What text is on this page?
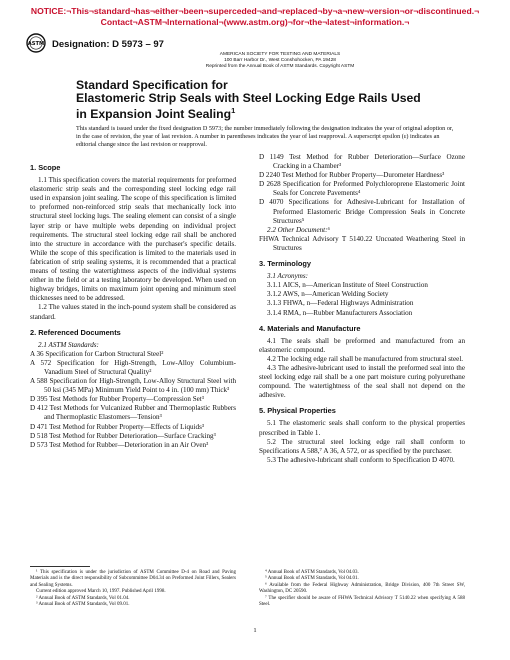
NOTICE:¬This¬standard¬has¬either¬been¬superceded¬and¬replaced¬by¬a¬new¬version¬or¬discontinued.¬
Contact¬ASTM¬International¬(www.astm.org)¬for¬the¬latest¬information.¬
ASTM Designation: D 5973 – 97
AMERICAN SOCIETY FOR TESTING AND MATERIALS
100 Barr Harbor Dr., West Conshohocken, PA 19428
Reprinted from the Annual Book of ASTM Standards. Copyright ASTM
Standard Specification for
Elastomeric Strip Seals with Steel Locking Edge Rails Used
in Expansion Joint Sealing$^1$
This standard is issued under the fixed designation D 5973; the number immediately following the designation indicates the year of original adoption or, in the case of revision, the year of last revision. A number in parentheses indicates the year of last reapproval. A superscript epsilon (ε) indicates an editorial change since the last revision or reapproval.
1. Scope

1.1 This specification covers the material requirements for preformed elastomeric strip seals and the corresponding steel locking edge rail used in expansion joint sealing. The scope of this specification is limited to preformed non-reinforced strip seals that mechanically lock into structural steel locking lugs. The sealing element can consist of a single layer strip or have multiple webs depending on individual project requirements. The structural steel locking edge rail shall be anchored into the structure in accordance with the purchaser's specific details. While the scope of this specification is limited to the materials used in fabrication of strip sealing systems, it is recommended that a practical means of testing the watertightness aspects of the individual systems either in the field or at a testing laboratory be developed. When used on highway bridges, limits on maximum joint opening and minimum steel thicknesses need to be addressed.

1.2 The values stated in the inch-pound system shall be considered as standard.

2. Referenced Documents
2.1 ASTM Standards:
A 36 Specification for Carbon Structural Steel²
A 572 Specification for High-Strength, Low-Alloy Columbium-Vanadium Steel of Structural Quality²
A 588 Specification for High-Strength, Low-Alloy Structural Steel with 50 ksi (345 MPa) Minimum Yield Point to 4 in. (100 mm) Thick³
D 395 Test Methods for Rubber Property—Compression Set³
D 412 Test Methods for Vulcanized Rubber and Thermoplastic Rubbers and Thermoplastic Elastomers—Tension³
D 471 Test Method for Rubber Property—Effects of Liquids³
D 518 Test Method for Rubber Deterioration—Surface Cracking³
D 573 Test Method for Rubber—Deterioration in an Air Oven³
D 1149 Test Method for Rubber Deterioration—Surface Ozone Cracking in a Chamber³
D 2240 Test Method for Rubber Property—Durometer Hardness³
D 2628 Specification for Preformed Polychloroprene Elastomeric Joint Seals for Concrete Pavements⁴
D 4070 Specifications for Adhesive-Lubricant for Installation of Preformed Elastomeric Bridge Compression Seals in Concrete Structures⁵
2.2 Other Document:⁶
FHWA Technical Advisory T 5140.22 Uncoated Weathering Steel in Structures
3. Terminology
3.1 Acronyms:
3.1.1 AICS, n—American Institute of Steel Construction
3.1.2 AWS, n—American Welding Society
3.1.3 FHWA, n—Federal Highways Administration
3.1.4 RMA, n—Rubber Manufacturers Association
4. Materials and Manufacture

4.1 The seals shall be preformed and manufactured from an elastomeric compound.

4.2 The locking edge rail shall be manufactured from structural steel.

4.3 The adhesive-lubricant used to install the preformed seal into the steel locking edge rail shall be a one part moisture curing polyurethane compound. The watertightness of the seal shall not depend on the adhesive.

5. Physical Properties

5.1 The elastomeric seals shall conform to the physical properties prescribed in Table 1.

5.2 The structural steel locking edge rail shall conform to Specifications A 588,⁷ A 36, A 572, or as specified by the purchaser.

5.3 The adhesive-lubricant shall conform to Specification D 4070.

¹ This specification is under the jurisdiction of ASTM Committee D-4 on Road and Paving Materials and is the direct responsibility of Subcommittee D04.34 on Preformed Joint Fillers, Sealers and Sealing Systems.
Current edition approved March 10, 1997. Published April 1998.
² Annual Book of ASTM Standards, Vol 01.04.
³ Annual Book of ASTM Standards, Vol 09.01.
⁴ Annual Book of ASTM Standards, Vol 04.03.
⁵ Annual Book of ASTM Standards, Vol 04.01.
⁶ Available from the Federal Highway Administration, Bridge Division, 400 7th Street SW, Washington, DC 20590.
⁷ The specifier should be aware of FHWA Technical Advisory T 5140.22 when specifying A 588 Steel.
1
